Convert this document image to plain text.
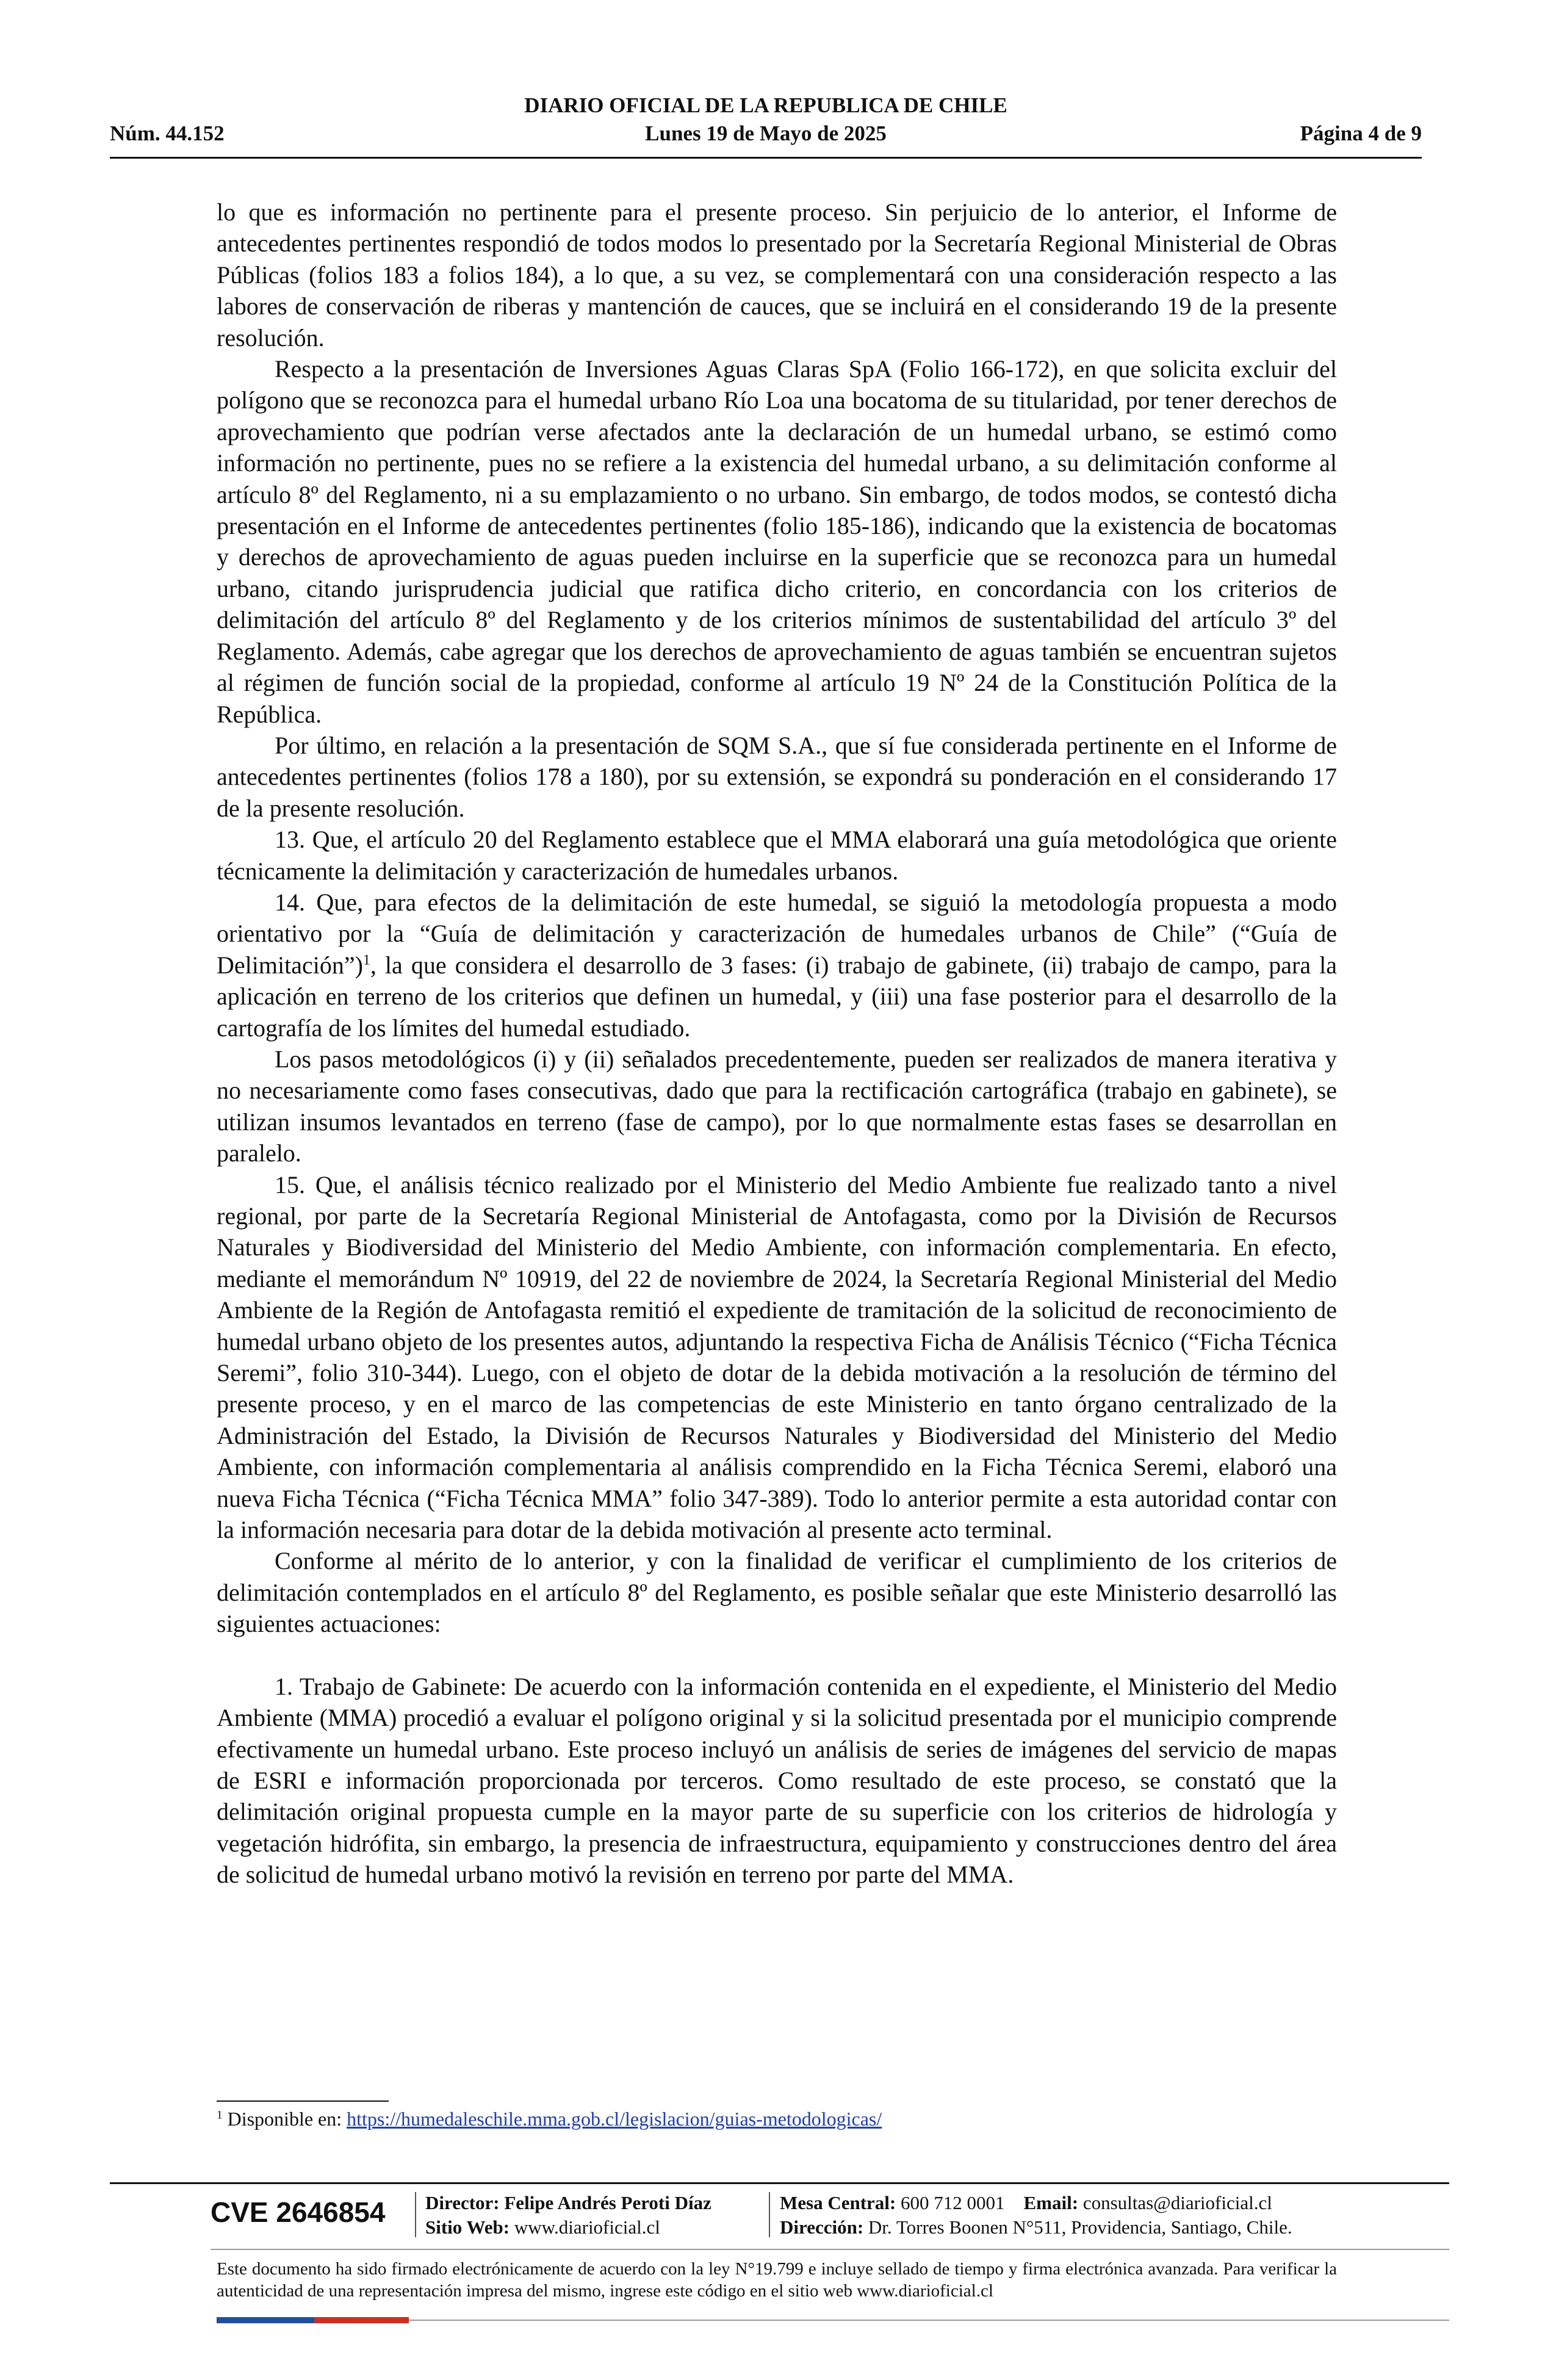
DIARIO OFICIAL DE LA REPUBLICA DE CHILE
Núm. 44.152	Lunes 19 de Mayo de 2025	Página 4 de 9

lo que es información no pertinente para el presente proceso. Sin perjuicio de lo anterior, el Informe de antecedentes pertinentes respondió de todos modos lo presentado por la Secretaría Regional Ministerial de Obras Públicas (folios 183 a folios 184), a lo que, a su vez, se complementará con una consideración respecto a las labores de conservación de riberas y mantención de cauces, que se incluirá en el considerando 19 de la presente resolución.

Respecto a la presentación de Inversiones Aguas Claras SpA (Folio 166-172), en que solicita excluir del polígono que se reconozca para el humedal urbano Río Loa una bocatoma de su titularidad, por tener derechos de aprovechamiento que podrían verse afectados ante la declaración de un humedal urbano, se estimó como información no pertinente, pues no se refiere a la existencia del humedal urbano, a su delimitación conforme al artículo 8º del Reglamento, ni a su emplazamiento o no urbano. Sin embargo, de todos modos, se contestó dicha presentación en el Informe de antecedentes pertinentes (folio 185-186), indicando que la existencia de bocatomas y derechos de aprovechamiento de aguas pueden incluirse en la superficie que se reconozca para un humedal urbano, citando jurisprudencia judicial que ratifica dicho criterio, en concordancia con los criterios de delimitación del artículo 8º del Reglamento y de los criterios mínimos de sustentabilidad del artículo 3º del Reglamento. Además, cabe agregar que los derechos de aprovechamiento de aguas también se encuentran sujetos al régimen de función social de la propiedad, conforme al artículo 19 Nº 24 de la Constitución Política de la República.

Por último, en relación a la presentación de SQM S.A., que sí fue considerada pertinente en el Informe de antecedentes pertinentes (folios 178 a 180), por su extensión, se expondrá su ponderación en el considerando 17 de la presente resolución.

13. Que, el artículo 20 del Reglamento establece que el MMA elaborará una guía metodológica que oriente técnicamente la delimitación y caracterización de humedales urbanos.

14. Que, para efectos de la delimitación de este humedal, se siguió la metodología propuesta a modo orientativo por la “Guía de delimitación y caracterización de humedales urbanos de Chile” (“Guía de Delimitación”)$^1$, la que considera el desarrollo de 3 fases: (i) trabajo de gabinete, (ii) trabajo de campo, para la aplicación en terreno de los criterios que definen un humedal, y (iii) una fase posterior para el desarrollo de la cartografía de los límites del humedal estudiado.

Los pasos metodológicos (i) y (ii) señalados precedentemente, pueden ser realizados de manera iterativa y no necesariamente como fases consecutivas, dado que para la rectificación cartográfica (trabajo en gabinete), se utilizan insumos levantados en terreno (fase de campo), por lo que normalmente estas fases se desarrollan en paralelo.

15. Que, el análisis técnico realizado por el Ministerio del Medio Ambiente fue realizado tanto a nivel regional, por parte de la Secretaría Regional Ministerial de Antofagasta, como por la División de Recursos Naturales y Biodiversidad del Ministerio del Medio Ambiente, con información complementaria. En efecto, mediante el memorándum Nº 10919, del 22 de noviembre de 2024, la Secretaría Regional Ministerial del Medio Ambiente de la Región de Antofagasta remitió el expediente de tramitación de la solicitud de reconocimiento de humedal urbano objeto de los presentes autos, adjuntando la respectiva Ficha de Análisis Técnico (“Ficha Técnica Seremi”, folio 310-344). Luego, con el objeto de dotar de la debida motivación a la resolución de término del presente proceso, y en el marco de las competencias de este Ministerio en tanto órgano centralizado de la Administración del Estado, la División de Recursos Naturales y Biodiversidad del Ministerio del Medio Ambiente, con información complementaria al análisis comprendido en la Ficha Técnica Seremi, elaboró una nueva Ficha Técnica (“Ficha Técnica MMA” folio 347-389). Todo lo anterior permite a esta autoridad contar con la información necesaria para dotar de la debida motivación al presente acto terminal.

Conforme al mérito de lo anterior, y con la finalidad de verificar el cumplimiento de los criterios de delimitación contemplados en el artículo 8º del Reglamento, es posible señalar que este Ministerio desarrolló las siguientes actuaciones:

1. Trabajo de Gabinete: De acuerdo con la información contenida en el expediente, el Ministerio del Medio Ambiente (MMA) procedió a evaluar el polígono original y si la solicitud presentada por el municipio comprende efectivamente un humedal urbano. Este proceso incluyó un análisis de series de imágenes del servicio de mapas de ESRI e información proporcionada por terceros. Como resultado de este proceso, se constató que la delimitación original propuesta cumple en la mayor parte de su superficie con los criterios de hidrología y vegetación hidrófita, sin embargo, la presencia de infraestructura, equipamiento y construcciones dentro del área de solicitud de humedal urbano motivó la revisión en terreno por parte del MMA.

$^1$ Disponible en: https://humedaleschile.mma.gob.cl/legislacion/guias-metodologicas/
CVE 2646854 Director: Felipe Andrés Peroti Díaz
Sitio Web: www.diarioficial.cl
Mesa Central: 600 712 0001 Email: consultas@diarioficial.cl
Dirección: Dr. Torres Boonen N°511, Providencia, Santiago, Chile.
Este documento ha sido firmado electrónicamente de acuerdo con la ley N°19.799 e incluye sellado de tiempo y firma electrónica avanzada. Para verificar la autenticidad de una representación impresa del mismo, ingrese este código en el sitio web www.diarioficial.cl
